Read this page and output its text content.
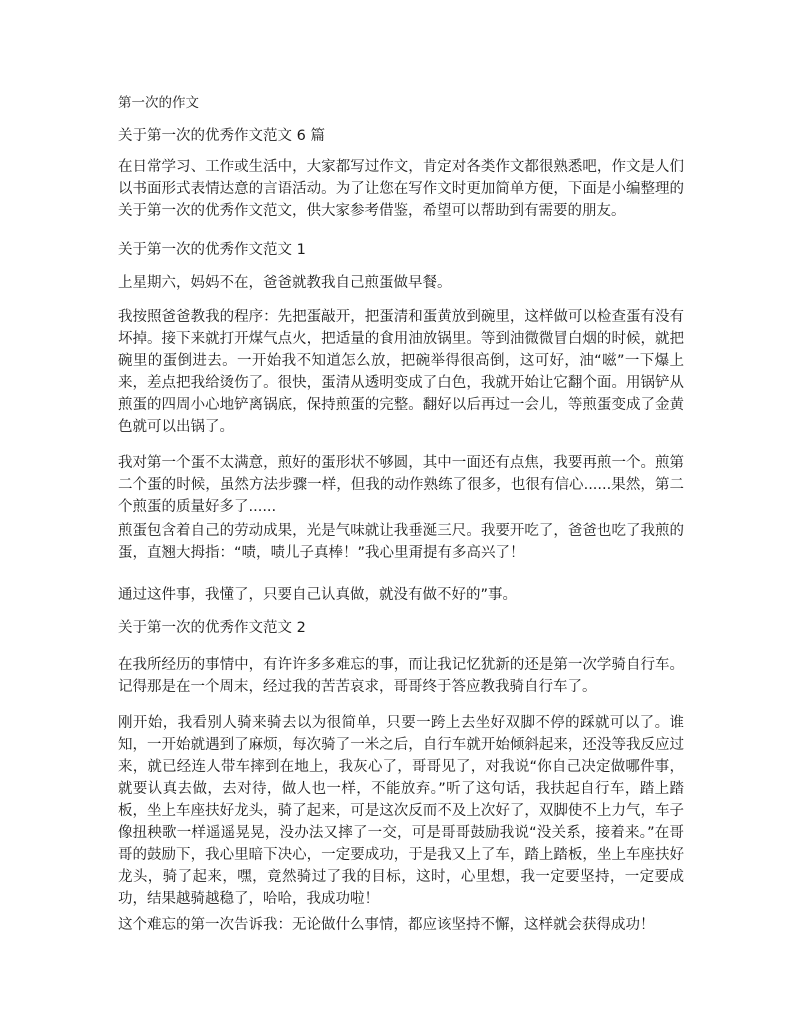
第一次的作文
关于第一次的优秀作文范文 6 篇
在日常学习、工作或生活中，大家都写过作文，肯定对各类作文都很熟悉吧，作文是人们以书面形式表情达意的言语活动。为了让您在写作文时更加简单方便，下面是小编整理的关于第一次的优秀作文范文，供大家参考借鉴，希望可以帮助到有需要的朋友。
关于第一次的优秀作文范文 1
上星期六，妈妈不在，爸爸就教我自己煎蛋做早餐。
我按照爸爸教我的程序：先把蛋敲开，把蛋清和蛋黄放到碗里，这样做可以检查蛋有没有坏掉。接下来就打开煤气点火，把适量的食用油放锅里。等到油微微冒白烟的时候，就把碗里的蛋倒进去。一开始我不知道怎么放，把碗举得很高倒，这可好，油“嗞”一下爆上来，差点把我给烫伤了。很快，蛋清从透明变成了白色，我就开始让它翻个面。用锅铲从煎蛋的四周小心地铲离锅底，保持煎蛋的完整。翻好以后再过一会儿，等煎蛋变成了金黄色就可以出锅了。
我对第一个蛋不太满意，煎好的蛋形状不够圆，其中一面还有点焦，我要再煎一个。煎第二个蛋的时候，虽然方法步骤一样，但我的动作熟练了很多，也很有信心......果然，第二个煎蛋的质量好多了......
煎蛋包含着自己的劳动成果，光是气味就让我垂涎三尺。我要开吃了，爸爸也吃了我煎的蛋，直翘大拇指：“啧，啧儿子真棒！”我心里甭提有多高兴了！
通过这件事，我懂了，只要自己认真做，就没有做不好的”事。
关于第一次的优秀作文范文 2
在我所经历的事情中，有许许多多难忘的事，而让我记忆犹新的还是第一次学骑自行车。记得那是在一个周末，经过我的苦苦哀求，哥哥终于答应教我骑自行车了。
刚开始，我看别人骑来骑去以为很简单，只要一跨上去坐好双脚不停的踩就可以了。谁知，一开始就遇到了麻烦，每次骑了一米之后，自行车就开始倾斜起来，还没等我反应过来，就已经连人带车摔到在地上，我灰心了，哥哥见了，对我说“你自己决定做哪件事，就要认真去做，去对待，做人也一样，不能放弃。”听了这句话，我扶起自行车，踏上踏板，坐上车座扶好龙头，骑了起来，可是这次反而不及上次好了，双脚使不上力气，车子像扭秧歌一样遥遥晃晃，没办法又摔了一交，可是哥哥鼓励我说“没关系，接着来。”在哥哥的鼓励下，我心里暗下决心，一定要成功，于是我又上了车，踏上踏板，坐上车座扶好龙头，骑了起来，嘿，竟然骑过了我的目标，这时，心里想，我一定要坚持，一定要成功，结果越骑越稳了，哈哈，我成功啦！
这个难忘的第一次告诉我：无论做什么事情，都应该坚持不懈，这样就会获得成功！
